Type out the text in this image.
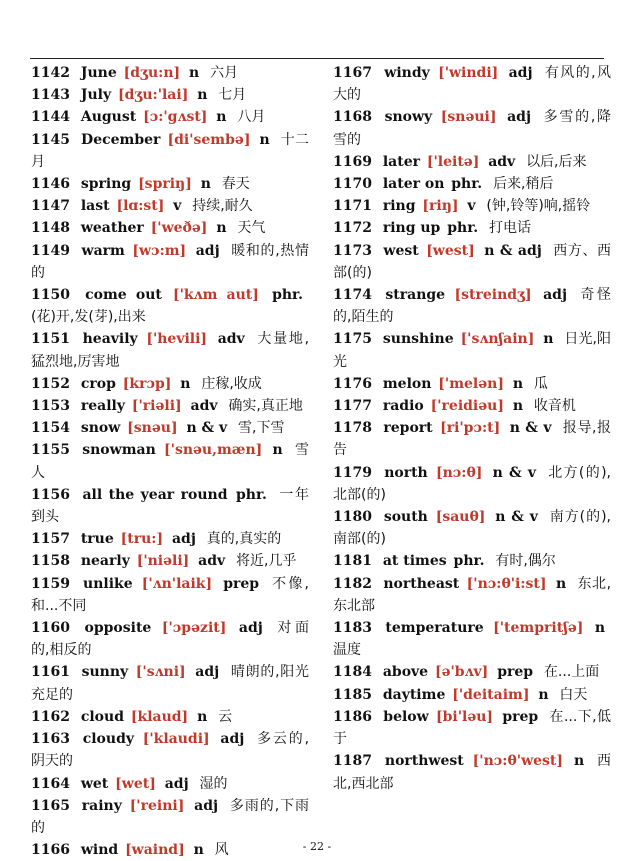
1142 June [dʒu:n] n 六月
1143 July [dʒu:'lai] n 七月
1144 August [ɔ:'gʌst] n 八月
1145 December [di'sembə] n 十二月
1146 spring [spriŋ] n 春天
1147 last [lɑ:st] v 持续,耐久
1148 weather ['weðə] n 天气
1149 warm [wɔ:m] adj 暖和的,热情的
1150 come out ['kʌm aut] phr. (花)开,发(芽),出来
1151 heavily ['hevili] adv 大量地,猛烈地,厉害地
1152 crop [krɔp] n 庄稼,收成
1153 really ['riəli] adv 确实,真正地
1154 snow [snəu] n & v 雪,下雪
1155 snowman ['snəu,mæn] n 雪人
1156 all the year round phr. 一年到头
1157 true [tru:] adj 真的,真实的
1158 nearly ['niəli] adv 将近,几乎
1159 unlike ['ʌn'laik] prep 不像,和...不同
1160 opposite ['ɔpəzit] adj 对面的,相反的
1161 sunny ['sʌni] adj 晴朗的,阳光充足的
1162 cloud [klaud] n 云
1163 cloudy ['klaudi] adj 多云的,阴天的
1164 wet [wet] adj 湿的
1165 rainy ['reini] adj 多雨的,下雨的
1166 wind [waind] n 风
1167 windy ['windi] adj 有风的,风大的
1168 snowy [snəui] adj 多雪的,降雪的
1169 later ['leitə] adv 以后,后来
1170 later on phr. 后来,稍后
1171 ring [riŋ] v (钟,铃等)响,摇铃
1172 ring up phr. 打电话
1173 west [west] n & adj 西方、西部(的)
1174 strange [streindʒ] adj 奇怪的,陌生的
1175 sunshine ['sʌnʃain] n 日光,阳光
1176 melon ['melən] n 瓜
1177 radio ['reidiəu] n 收音机
1178 report [ri'pɔ:t] n & v 报导,报告
1179 north [nɔ:θ] n & v 北方(的),北部(的)
1180 south [sauθ] n & v 南方(的),南部(的)
1181 at times phr. 有时,偶尔
1182 northeast ['nɔ:θ'i:st] n 东北,东北部
1183 temperature ['tempritʃə] n 温度
1184 above [ə'bʌv] prep 在...上面
1185 daytime ['deitaim] n 白天
1186 below [bi'ləu] prep 在...下,低于
1187 northwest ['nɔ:θ'west] n 西北,西北部
- 22 -
